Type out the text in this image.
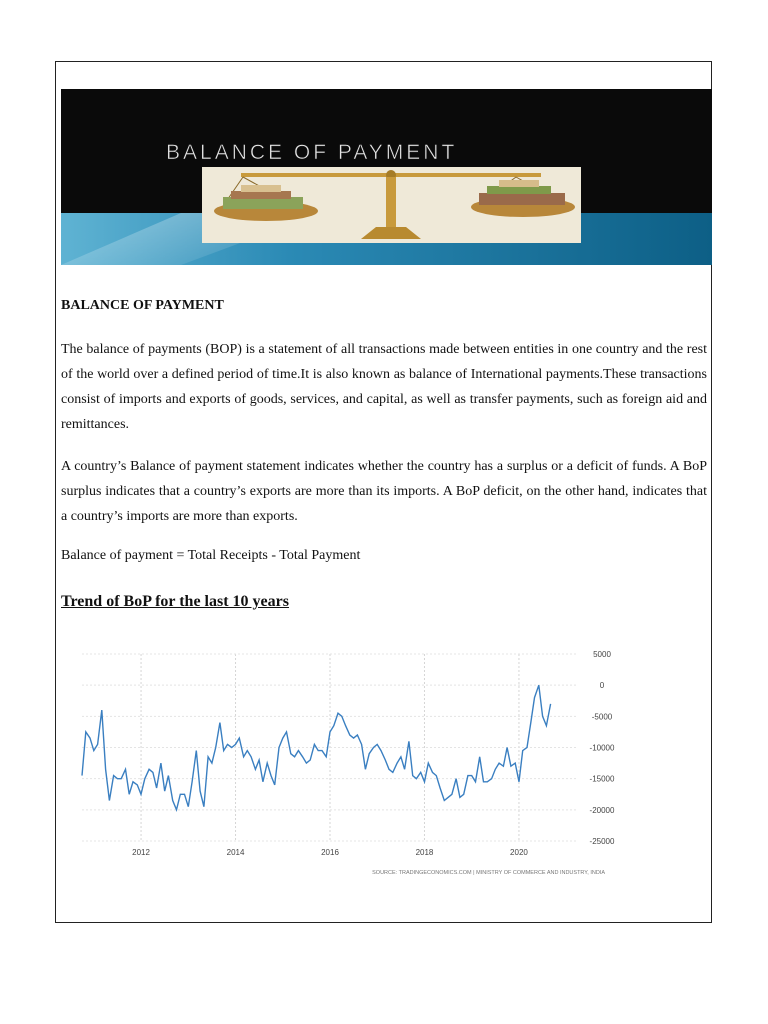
BALANCE OF PAYMENT
BALANCE OF PAYMENT

The balance of payments (BOP) is a statement of all transactions made between entities in one country and the rest of the world over a defined period of time.It is also known as balance of International payments.These transactions consist of imports and exports of goods, services, and capital, as well as transfer payments, such as foreign aid and remittances.

A country’s Balance of payment statement indicates whether the country has a surplus or a deficit of funds. A BoP surplus indicates that a country’s exports are more than its imports. A BoP deficit, on the other hand, indicates that a country’s imports are more than exports.

Balance of payment = Total Receipts - Total Payment
Trend of BoP for the last 10 years
2012	2014	2016	2018	2020
5000
0
-5000
-10000
-15000
-20000
-25000
SOURCE: TRADINGECONOMICS.COM | MINISTRY OF COMMERCE AND INDUSTRY, INDIA
